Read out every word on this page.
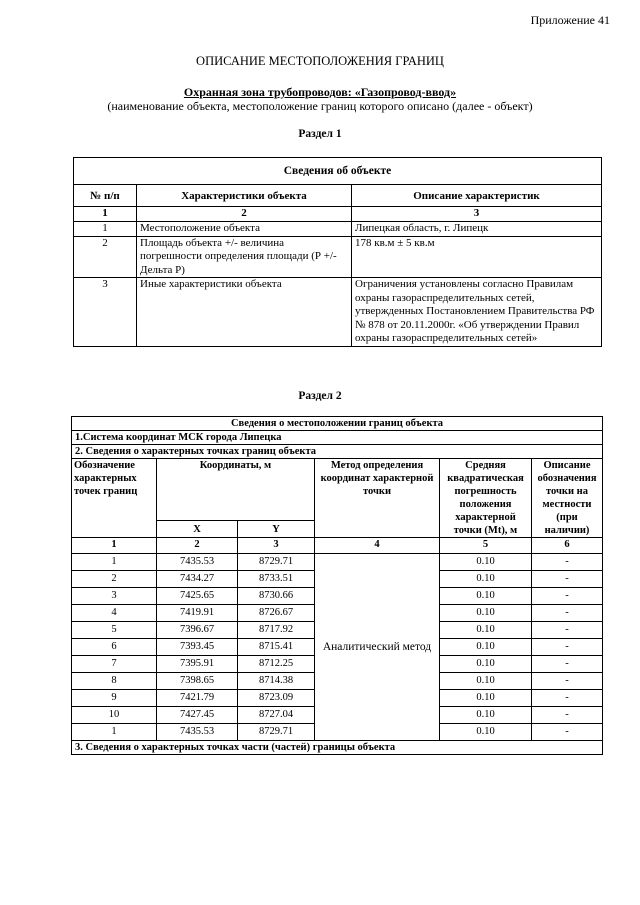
Приложение 41
ОПИСАНИЕ МЕСТОПОЛОЖЕНИЯ ГРАНИЦ
Охранная зона трубопроводов: «Газопровод-ввод»
(наименование объекта, местоположение границ которого описано (далее - объект)
Раздел 1
Сведения об объекте		
№ п/п	Характеристики объекта	Описание характеристик
1	2	3
1	Местоположение объекта	Липецкая область, г. Липецк
2	Площадь объекта +/- величина погрешности определения площади (Р +/- Дельта Р)	178 кв.м ± 5 кв.м
3	Иные характеристики объекта	Ограничения установлены согласно Правилам охраны газораспределительных сетей, утвержденных Постановлением Правительства РФ № 878 от 20.11.2000г. «Об утверждении Правил охраны газораспределительных сетей»
Раздел 2
Сведения о местоположении границ объекта					
1.Система координат МСК города Липецка					
2. Сведения о характерных точках границ объекта					
Обозначение характерных точек границ	Координаты, м		Метод определения координат характерной точки	Средняя квадратическая погрешность положения характерной точки (Mt), м	Описание обозначения точки на местности (при наличии)
	X	Y			
1	2	3	4	5	6
1	7435.53	8729.71	Аналитический метод	0.10	-
2	7434.27	8733.51		0.10	-
3	7425.65	8730.66		0.10	-
4	7419.91	8726.67		0.10	-
5	7396.67	8717.92		0.10	-
6	7393.45	8715.41		0.10	-
7	7395.91	8712.25		0.10	-
8	7398.65	8714.38		0.10	-
9	7421.79	8723.09		0.10	-
10	7427.45	8727.04		0.10	-
1	7435.53	8729.71		0.10	-
3. Сведения о характерных точках части (частей) границы объекта					
